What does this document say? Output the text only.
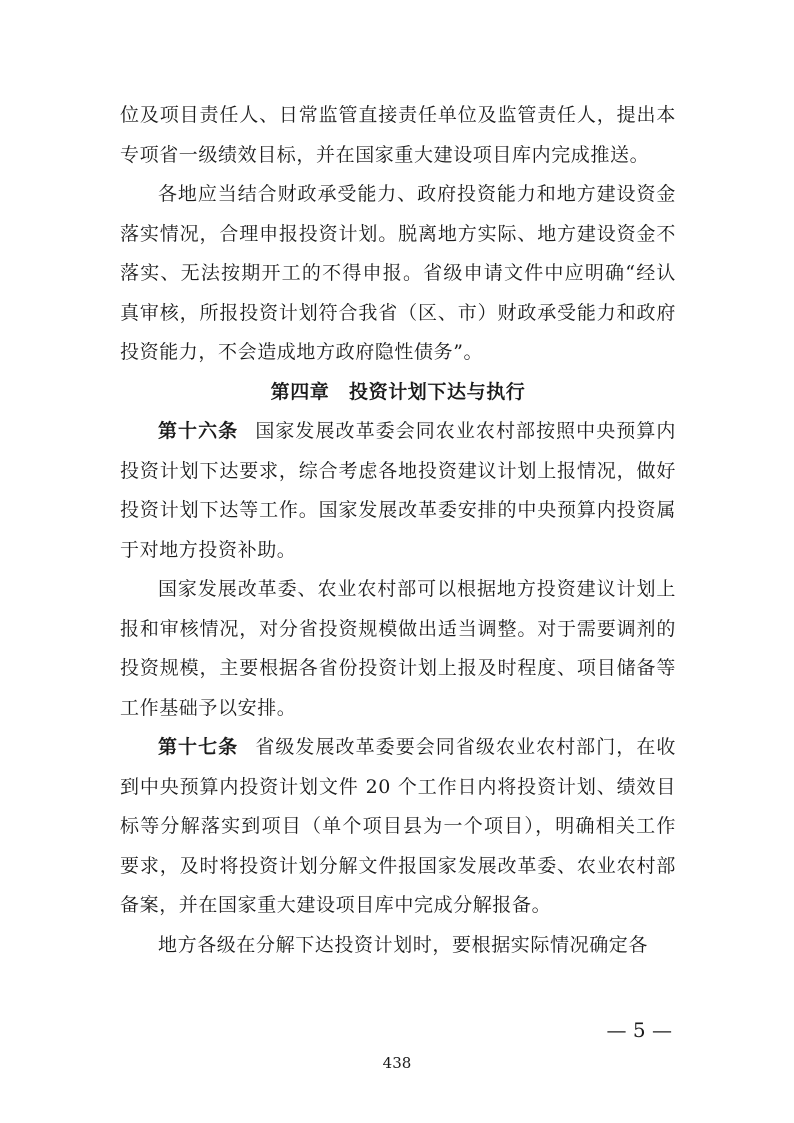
位及项目责任人、日常监管直接责任单位及监管责任人，提出本专项省一级绩效目标，并在国家重大建设项目库内完成推送。

各地应当结合财政承受能力、政府投资能力和地方建设资金落实情况，合理申报投资计划。脱离地方实际、地方建设资金不落实、无法按期开工的不得申报。省级申请文件中应明确“经认真审核，所报投资计划符合我省（区、市）财政承受能力和政府投资能力，不会造成地方政府隐性债务”。

第四章　投资计划下达与执行

第十六条 国家发展改革委会同农业农村部按照中央预算内投资计划下达要求，综合考虑各地投资建议计划上报情况，做好投资计划下达等工作。国家发展改革委安排的中央预算内投资属于对地方投资补助。

国家发展改革委、农业农村部可以根据地方投资建议计划上报和审核情况，对分省投资规模做出适当调整。对于需要调剂的投资规模，主要根据各省份投资计划上报及时程度、项目储备等工作基础予以安排。

第十七条 省级发展改革委要会同省级农业农村部门，在收到中央预算内投资计划文件 20 个工作日内将投资计划、绩效目标等分解落实到项目（单个项目县为一个项目），明确相关工作要求，及时将投资计划分解文件报国家发展改革委、农业农村部备案，并在国家重大建设项目库中完成分解报备。

地方各级在分解下达投资计划时，要根据实际情况确定各

— 5 —
438
